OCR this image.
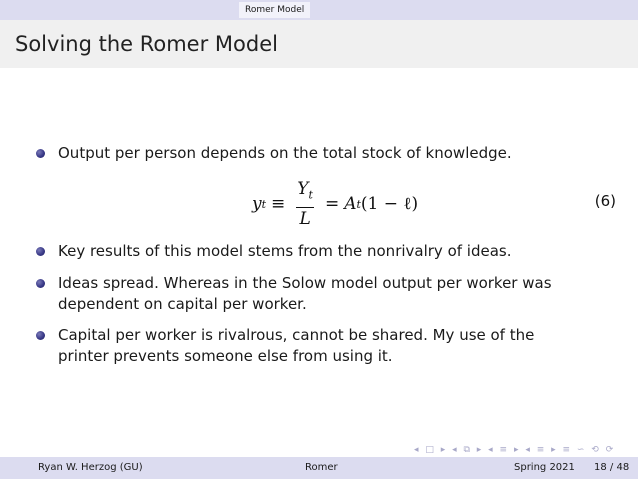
Romer Model
Solving the Romer Model
Output per person depends on the total stock of knowledge.
y $t \equiv \frac{Y_t}{L} = A$ t (1 − ℓ)	(6)
Key results of this model stems from the nonrivalry of ideas.
Ideas spread. Whereas in the Solow model output per worker was dependent on capital per worker.
Capital per worker is rivalrous, cannot be shared. My use of the printer prevents someone else from using it.
◂ □ ▸ ◂ ⧉ ▸ ◂ ≡ ▸ ◂ ≡ ▸ ≡ ∽ ⟲ ⟳
Ryan W. Herzog (GU)	Romer	Spring 2021 18 / 48
